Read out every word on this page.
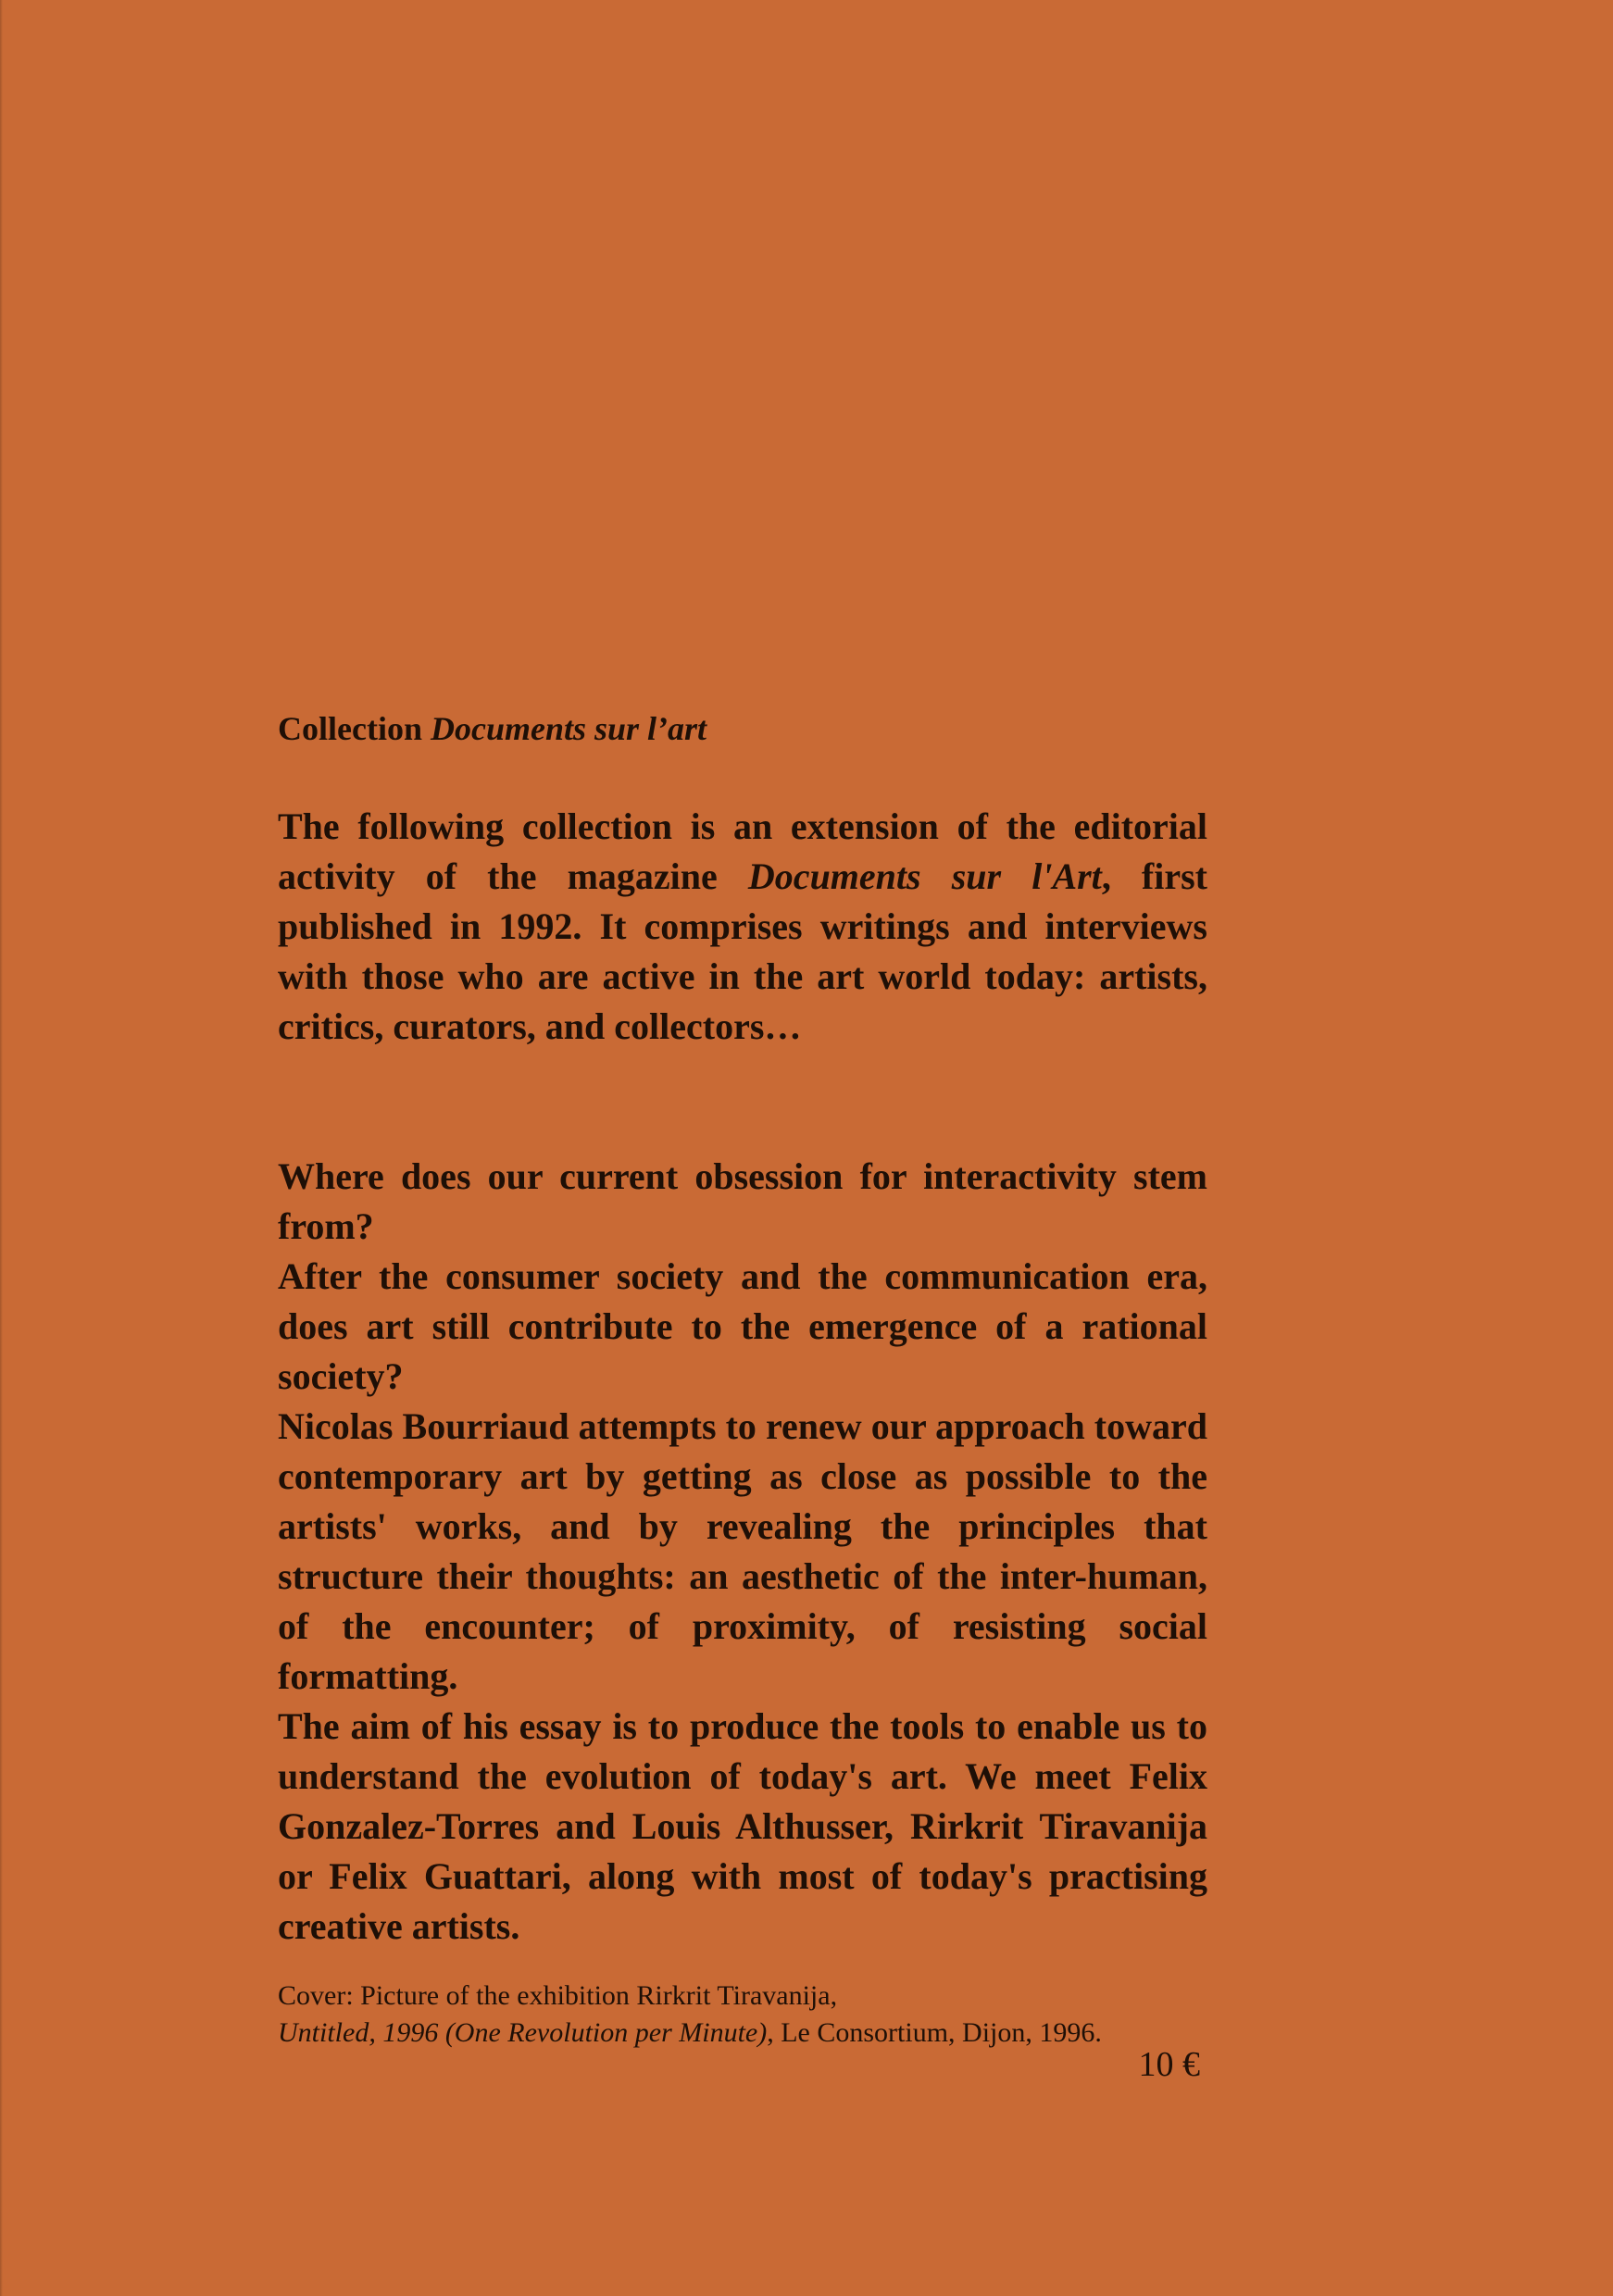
Collection Documents sur l’art

The following collection is an extension of the editorial activity of the magazine Documents sur l'Art, first published in 1992. It comprises writings and interviews with those who are active in the art world today: artists, critics, curators, and collectors…

Where does our current obsession for interactivity stem from?

After the consumer society and the communication era, does art still contribute to the emergence of a rational society?

Nicolas Bourriaud attempts to renew our approach toward contemporary art by getting as close as possible to the artists' works, and by revealing the principles that structure their thoughts: an aesthetic of the inter-human, of the encounter; of proximity, of resisting social formatting.

The aim of his essay is to produce the tools to enable us to understand the evolution of today's art. We meet Felix Gonzalez-Torres and Louis Althusser, Rirkrit Tiravanija or Felix Guattari, along with most of today's practising creative artists.

Cover: Picture of the exhibition Rirkrit Tiravanija,

Untitled, 1996 (One Revolution per Minute), Le Consortium, Dijon, 1996.

10 €
